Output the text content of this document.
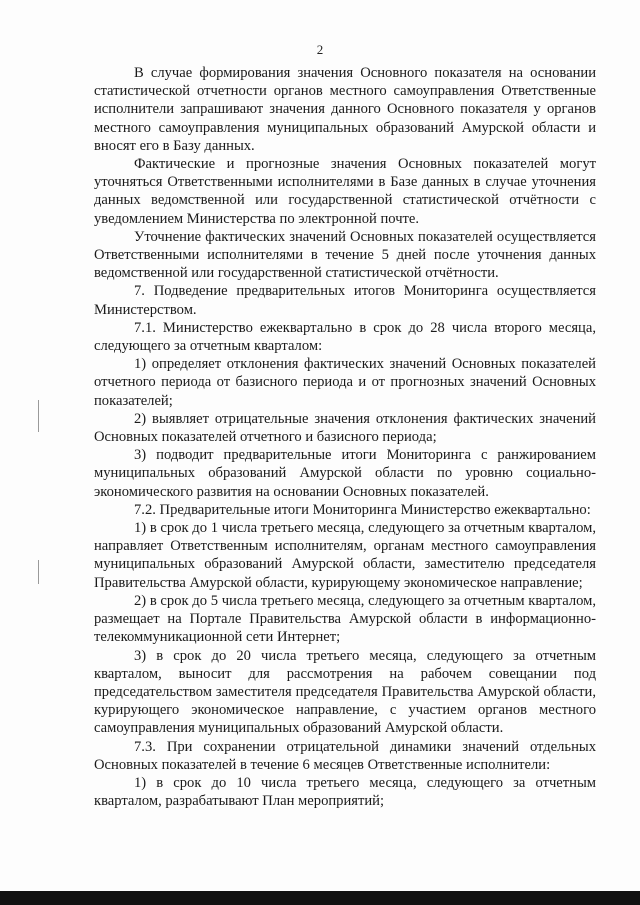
2

В случае формирования значения Основного показателя на основании статистической отчетности органов местного самоуправления Ответственные исполнители запрашивают значения данного Основного показателя у органов местного самоуправления муниципальных образований Амурской области и вносят его в Базу данных.

Фактические и прогнозные значения Основных показателей могут уточняться Ответственными исполнителями в Базе данных в случае уточнения данных ведомственной или государственной статистической отчётности с уведомлением Министерства по электронной почте.

Уточнение фактических значений Основных показателей осуществляется Ответственными исполнителями в течение 5 дней после уточнения данных ведомственной или государственной статистической отчётности.

7. Подведение предварительных итогов Мониторинга осуществляется Министерством.

7.1. Министерство ежеквартально в срок до 28 числа второго месяца, следующего за отчетным кварталом:

1) определяет отклонения фактических значений Основных показателей отчетного периода от базисного периода и от прогнозных значений Основных показателей;

2) выявляет отрицательные значения отклонения фактических значений Основных показателей отчетного и базисного периода;

3) подводит предварительные итоги Мониторинга с ранжированием муниципальных образований Амурской области по уровню социально-экономического развития на основании Основных показателей.

7.2. Предварительные итоги Мониторинга Министерство ежеквартально:

1) в срок до 1 числа третьего месяца, следующего за отчетным кварталом, направляет Ответственным исполнителям, органам местного самоуправления муниципальных образований Амурской области, заместителю председателя Правительства Амурской области, курирующему экономическое направление;

2) в срок до 5 числа третьего месяца, следующего за отчетным кварталом, размещает на Портале Правительства Амурской области в информационно-телекоммуникационной сети Интернет;

3) в срок до 20 числа третьего месяца, следующего за отчетным кварталом, выносит для рассмотрения на рабочем совещании под председательством заместителя председателя Правительства Амурской области, курирующего экономическое направление, с участием органов местного самоуправления муниципальных образований Амурской области.

7.3. При сохранении отрицательной динамики значений отдельных Основных показателей в течение 6 месяцев Ответственные исполнители:

1) в срок до 10 числа третьего месяца, следующего за отчетным кварталом, разрабатывают План мероприятий;
